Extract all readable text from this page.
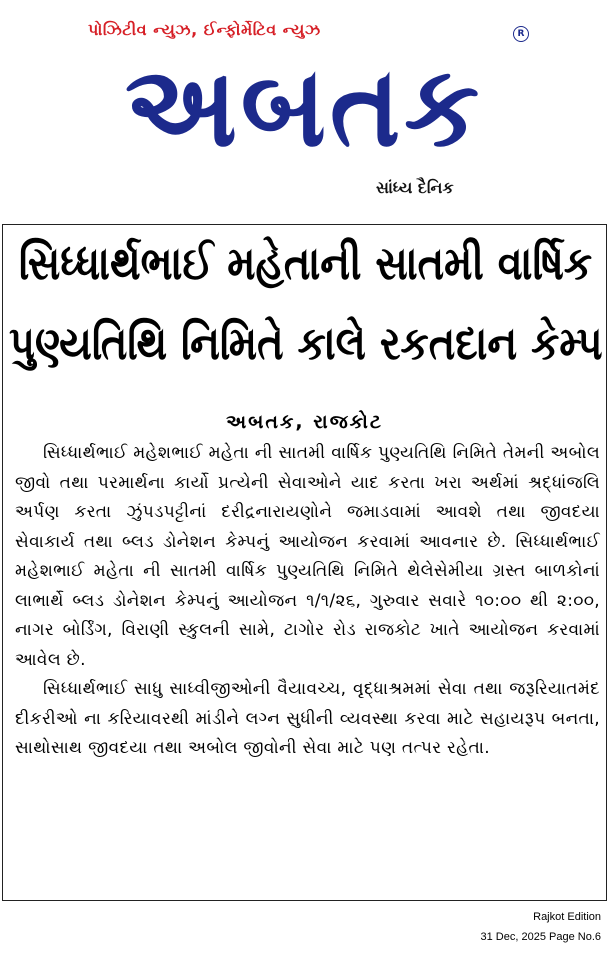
પોઝિટીવ ન્યુઝ, ઈન્ફોર્મેટિવ ન્યુઝ	R
અબતક
સાંધ્ય દૈનિક
સિધ્ધાર્થભાઈ મહેતાની સાતમી વાર્ષિક
પુણ્યતિથિ નિમિતે કાલે રકતદાન કેમ્પ
અબતક, રાજકોટ

સિધ્ધાર્થભાઈ મહેશભાઈ મહેતા ની સાતમી વાર્ષિક પુણ્યતિથિ નિમિતે તેમની અબોલ જીવો તથા પરમાર્થના કાર્યો પ્રત્યેની સેવાઓને યાદ કરતા ખરા અર્થમાં શ્રદ્ધાંજલિ અર્પણ કરતા ઝુંપડપટ્ટીનાં દરીદ્રનારાયણોને જમાડવામાં આવશે તથા જીવદયા સેવાકાર્ય તથા બ્લડ ડોનેશન કેમ્પનું આયોજન કરવામાં આવનાર છે. સિધ્ધાર્થભાઈ મહેશભાઈ મહેતા ની સાતમી વાર્ષિક પુણ્યતિથિ નિમિતે થેલેસેમીયા ગ્રસ્ત બાળકોનાં લાભાર્થે બ્લડ ડોનેશન કેમ્પનું આયોજન ૧/૧/૨૬, ગુરુવાર સવારે ૧૦:૦૦ થી ૨:૦૦, નાગર બોર્ડિંગ, વિરાણી સ્કુલની સામે, ટાગોર રોડ રાજકોટ ખાતે આયોજન કરવામાં આવેલ છે.

સિધ્ધાર્થભાઈ સાધુ સાધ્વીજીઓની વૈયાવચ્ચ, વૃદ્ધાશ્રમમાં સેવા તથા જરૂરિયાતમંદ દીકરીઓ ના કરિયાવરથી માંડીને લગ્ન સુધીની વ્યવસ્થા કરવા માટે સહાયરૂપ બનતા, સાથોસાથ જીવદયા તથા અબોલ જીવોની સેવા માટે પણ તત્પર રહેતા.

Rajkot Edition
31 Dec, 2025 Page No.6
